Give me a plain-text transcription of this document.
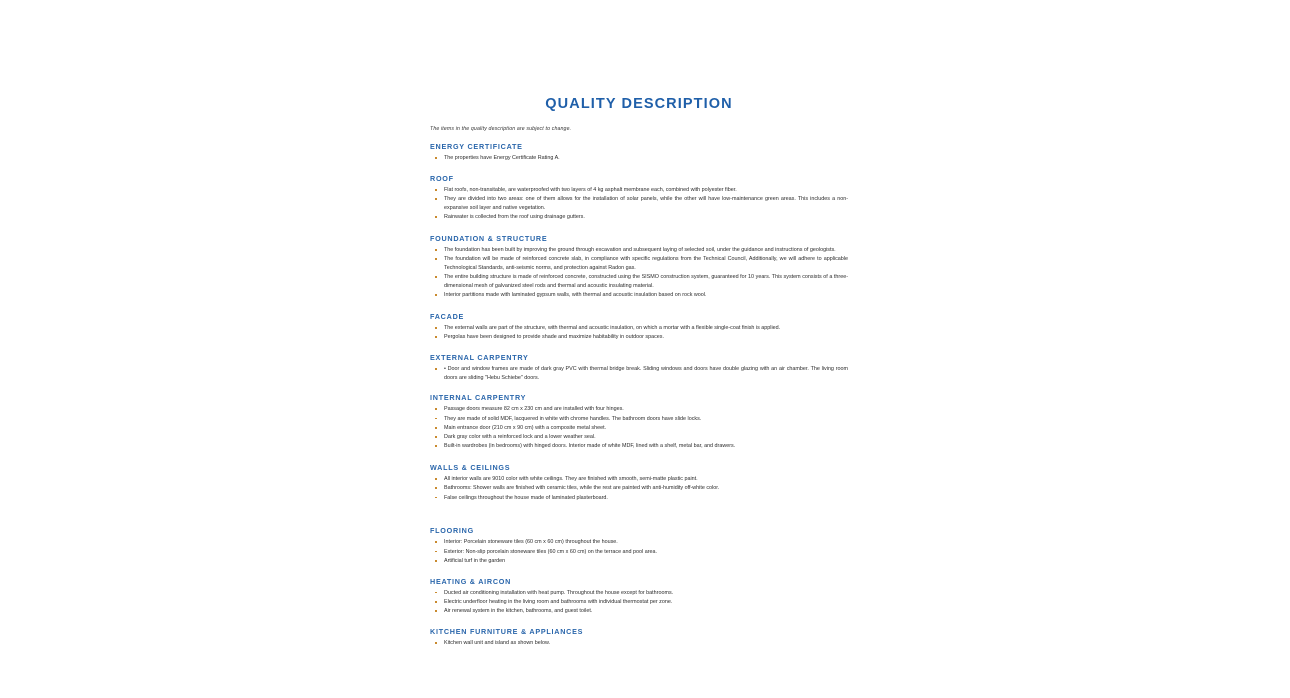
QUALITY DESCRIPTION

The items in the quality description are subject to change.

ENERGY CERTIFICATE
The properties have Energy Certificate Rating A.
ROOF
Flat roofs, non-transitable, are waterproofed with two layers of 4 kg asphalt membrane each, combined with polyester fiber.
They are divided into two areas: one of them allows for the installation of solar panels, while the other will have low-maintenance green areas. This includes a non-expansive soil layer and native vegetation.
Rainwater is collected from the roof using drainage gutters.
FOUNDATION & STRUCTURE
The foundation has been built by improving the ground through excavation and subsequent laying of selected soil, under the guidance and instructions of geologists.
The foundation will be made of reinforced concrete slab, in compliance with specific regulations from the Technical Council, Additionally, we will adhere to applicable Technological Standards, anti-seismic norms, and protection against Radon gas.
The entire building structure is made of reinforced concrete, constructed using the SISMO construction system, guaranteed for 10 years. This system consists of a three-dimensional mesh of galvanized steel rods and thermal and acoustic insulating material.
Interior partitions made with laminated gypsum walls, with thermal and acoustic insulation based on rock wool.
FACADE
The external walls are part of the structure, with thermal and acoustic insulation, on which a mortar with a flexible single-coat finish is applied.
Pergolas have been designed to provide shade and maximize habitability in outdoor spaces.
EXTERNAL CARPENTRY
• Door and window frames are made of dark gray PVC with thermal bridge break. Sliding windows and doors have double glazing with an air chamber. The living room doors are sliding "Hebu Schiebe" doors.
INTERNAL CARPENTRY
Passage doors measure 82 cm x 230 cm and are installed with four hinges.
They are made of solid MDF, lacquered in white with chrome handles. The bathroom doors have slide locks.
Main entrance door (210 cm x 90 cm) with a composite metal sheet.
Dark gray color with a reinforced lock and a lower weather seal.
Built-in wardrobes (in bedrooms) with hinged doors. Interior made of white MDF, lined with a shelf, metal bar, and drawers.
WALLS & CEILINGS
All interior walls are 9010 color with white ceilings. They are finished with smooth, semi-matte plastic paint.
Bathrooms: Shower walls are finished with ceramic tiles, while the rest are painted with anti-humidity off-white color.
False ceilings throughout the house made of laminated plasterboard.
FLOORING
Interior: Porcelain stoneware tiles (60 cm x 60 cm) throughout the house.
Exterior: Non-slip porcelain stoneware tiles (60 cm x 60 cm) on the terrace and pool area.
Artificial turf in the garden
HEATING & AIRCON
Ducted air conditioning installation with heat pump. Throughout the house except for bathrooms.
Electric underfloor heating in the living room and bathrooms with individual thermostat per zone.
Air renewal system in the kitchen, bathrooms, and guest toilet.
KITCHEN FURNITURE & APPLIANCES
Kitchen wall unit and island as shown below.
